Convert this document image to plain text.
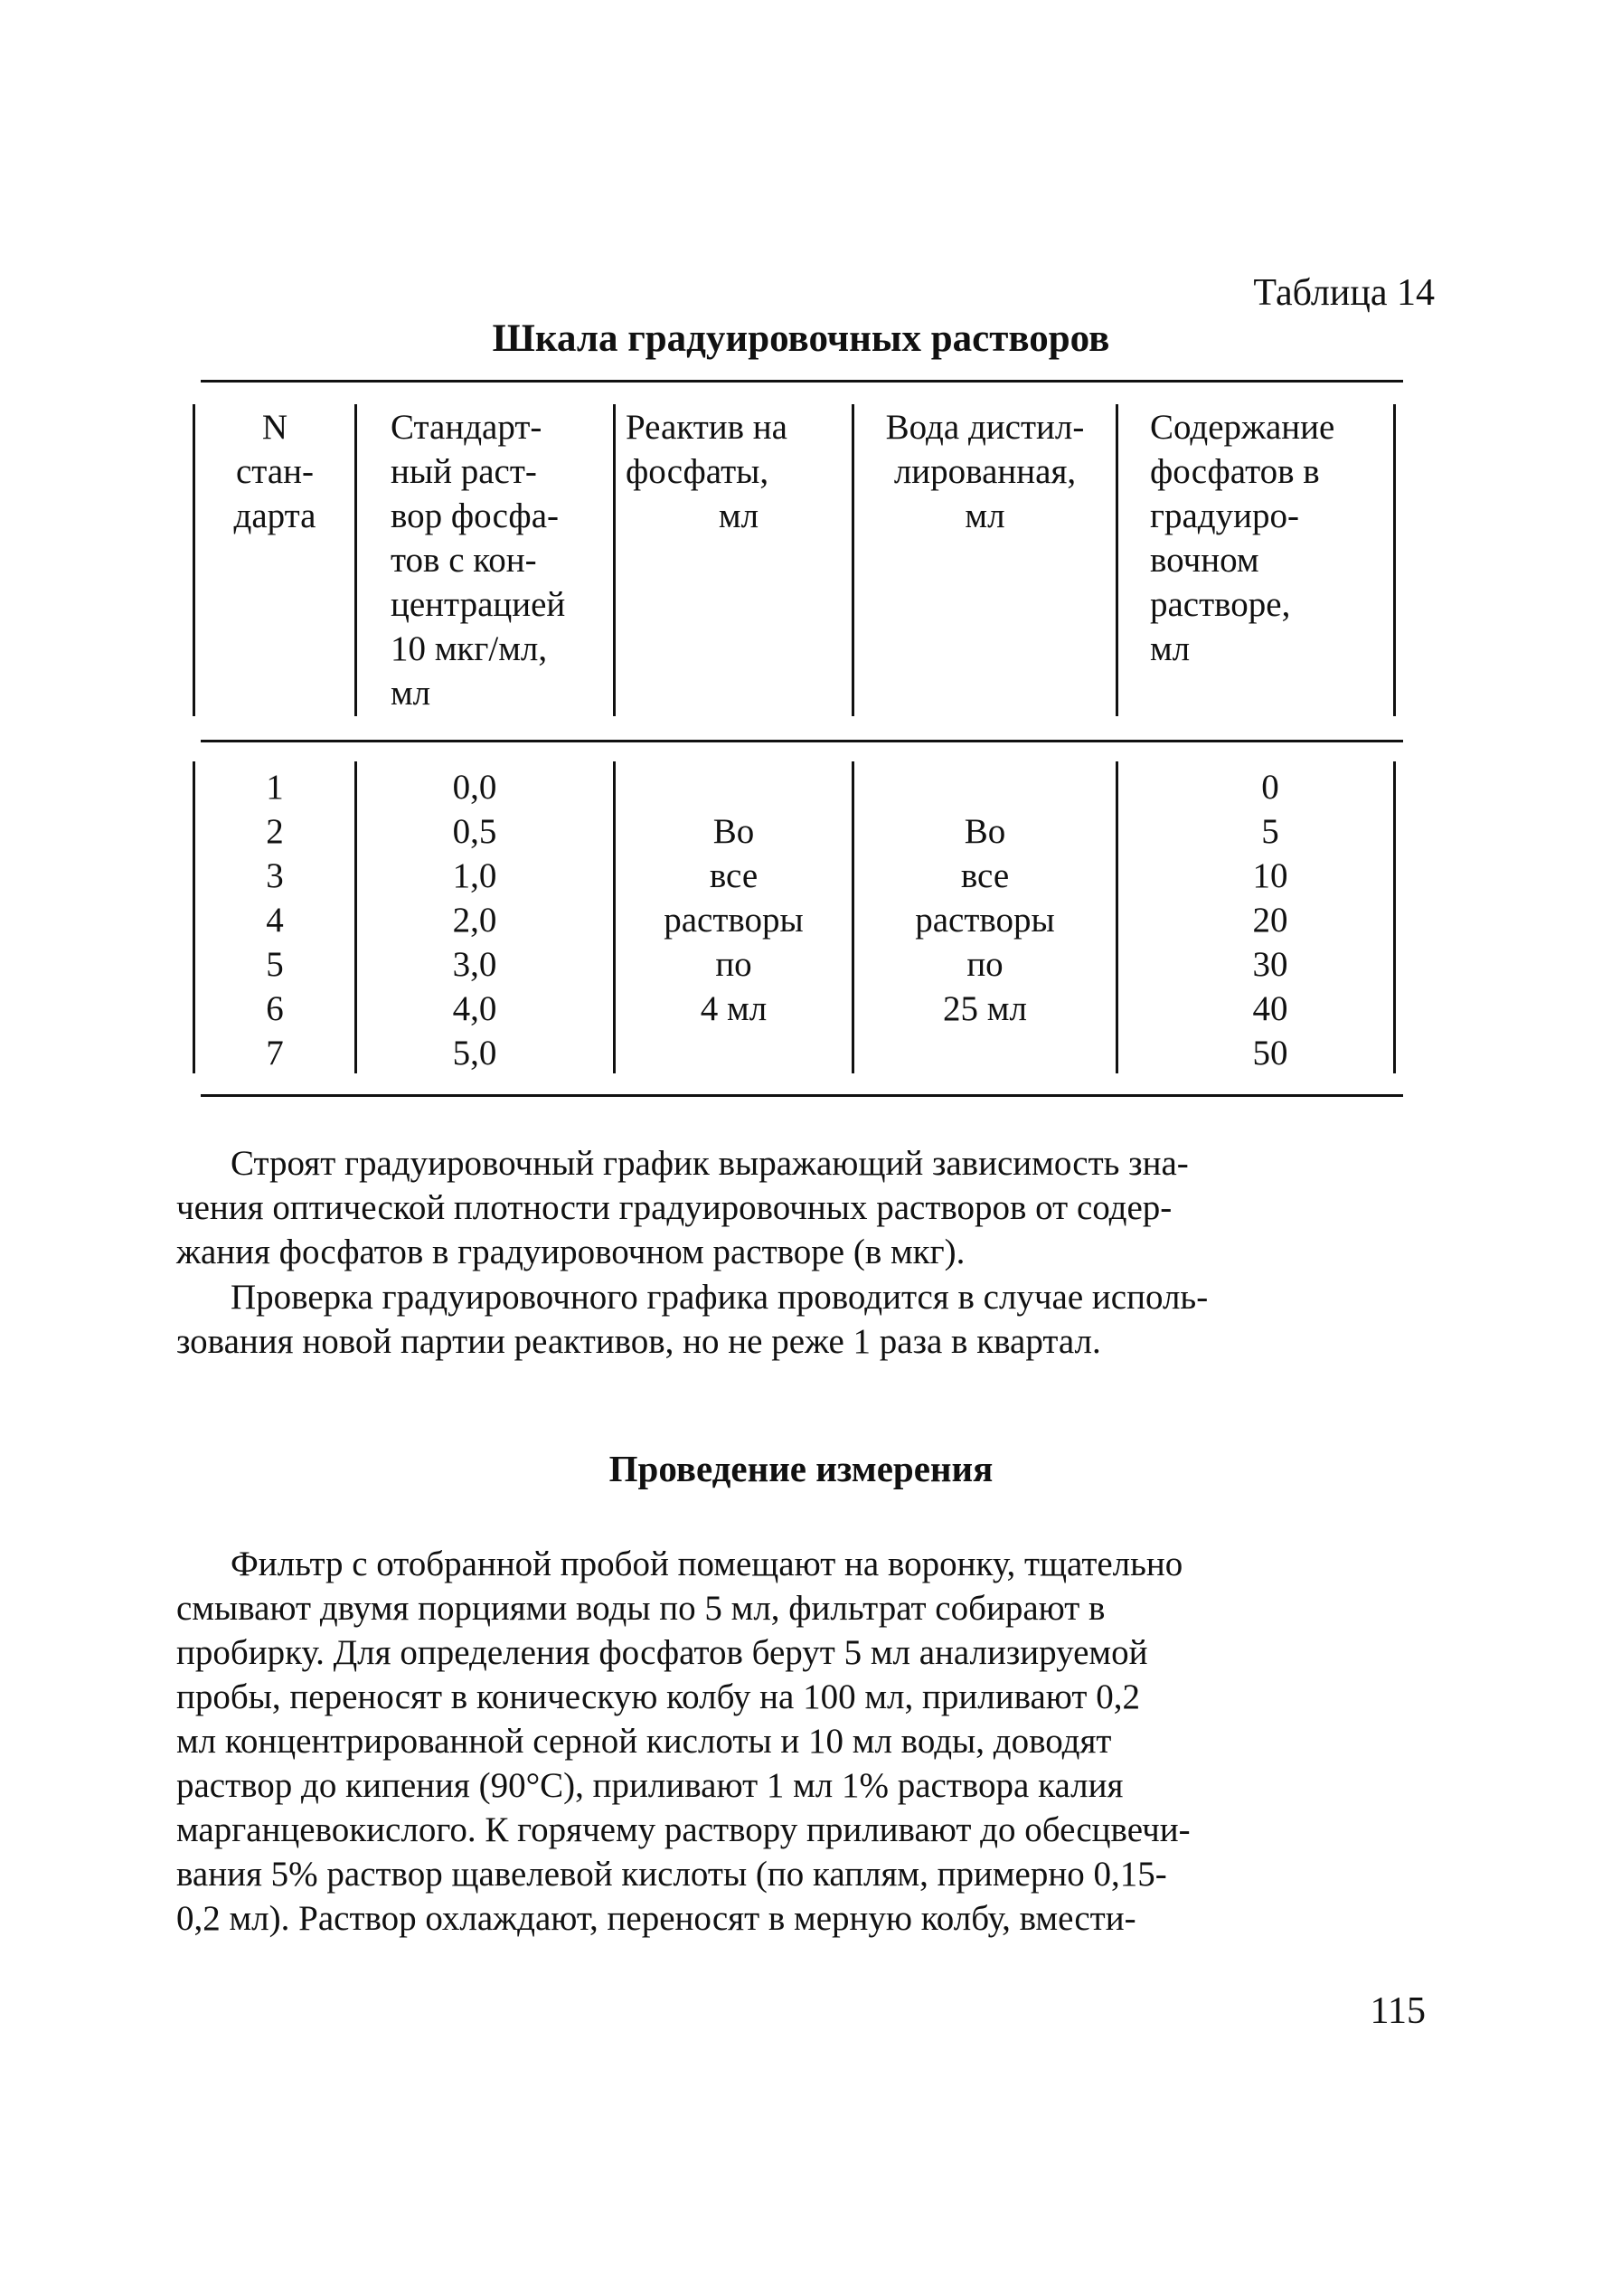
Таблица 14
Шкала градуировочных растворов
N
стан-
дарта
Стандарт-
ный раст-
вор фосфа-
тов с кон-
центрацией
10 мкг/мл,
мл
Реактив на
фосфаты,
мл
Вода дистил-
лированная,
мл
Содержание
фосфатов в
градуиро-
вочном
растворе,
мл
1
2
3
4
5
6
7
0,0
0,5
1,0
2,0
3,0
4,0
5,0
Во
все
растворы
по
4 мл
Во
все
растворы
по
25 мл
0
5
10
20
30
40
50
Строят градуировочный график выражающий зависимость зна-
чения оптической плотности градуировочных растворов от содер-
жания фосфатов в градуировочном растворе (в мкг).
Проверка градуировочного графика проводится в случае исполь-
зования новой партии реактивов, но не реже 1 раза в квартал.
Проведение измерения
Фильтр с отобранной пробой помещают на воронку, тщательно
смывают двумя порциями воды по 5 мл, фильтрат собирают в
пробирку. Для определения фосфатов берут 5 мл анализируемой
пробы, переносят в коническую колбу на 100 мл, приливают 0,2
мл концентрированной серной кислоты и 10 мл воды, доводят
раствор до кипения (90°С), приливают 1 мл 1% раствора калия
марганцевокислого. К горячему раствору приливают до обесцвечи-
вания 5% раствор щавелевой кислоты (по каплям, примерно 0,15-
0,2 мл). Раствор охлаждают, переносят в мерную колбу, вмести-
115
